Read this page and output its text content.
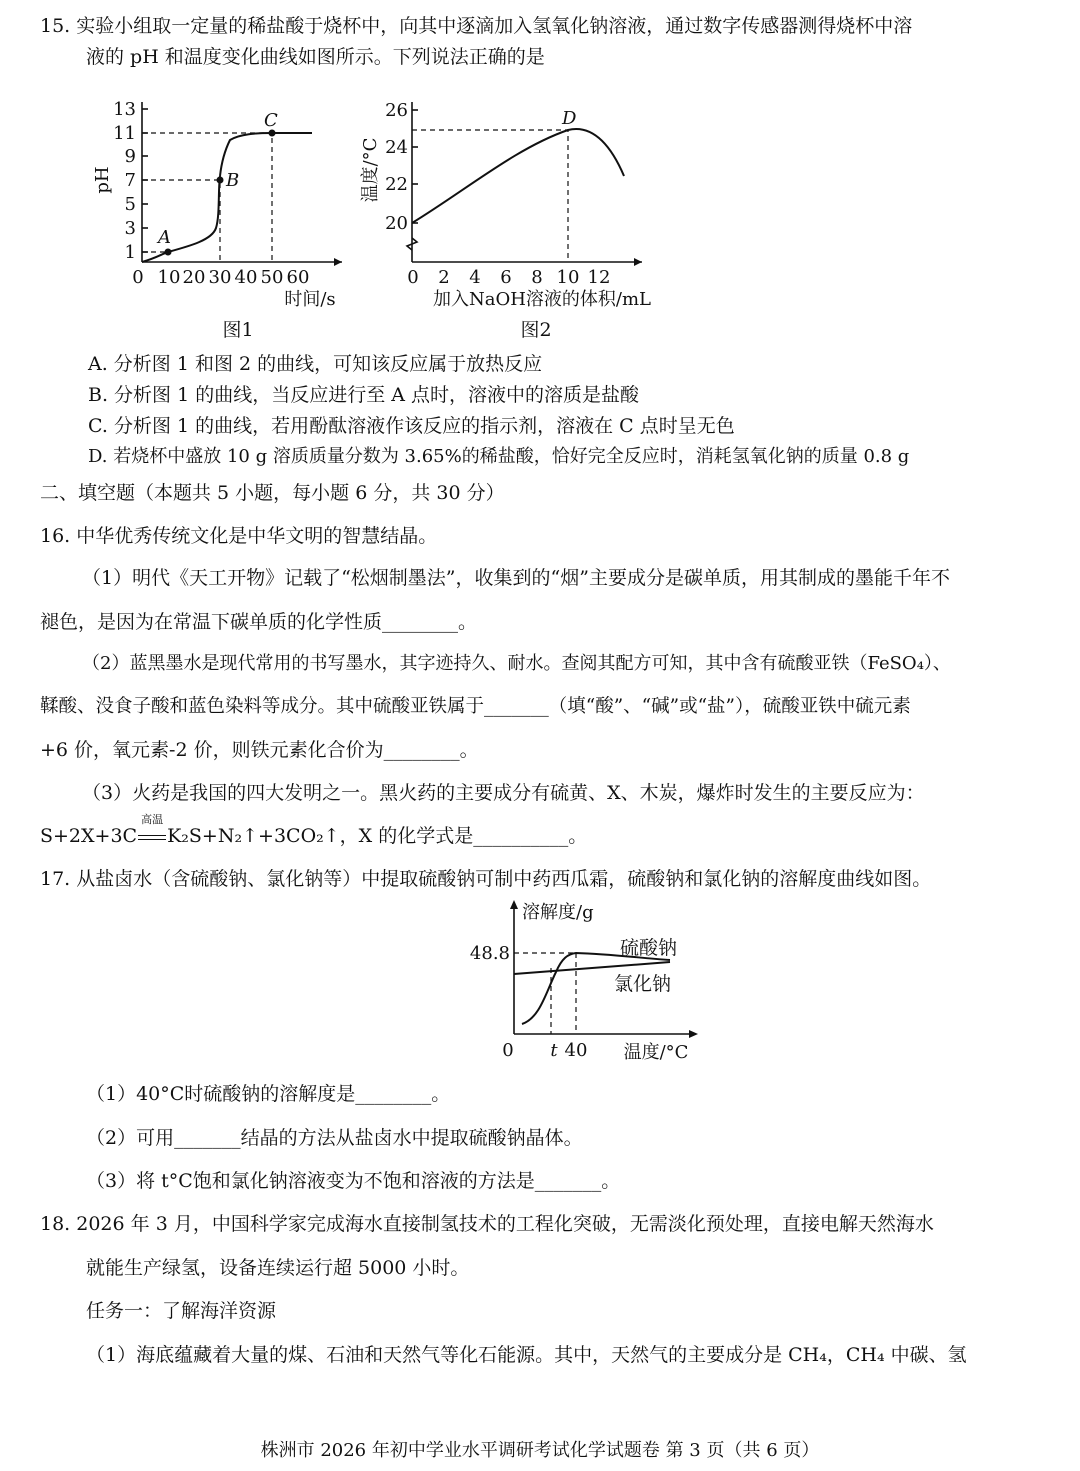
15. 实验小组取一定量的稀盐酸于烧杯中，向其中逐滴加入氢氧化钠溶液，通过数字传感器测得烧杯中溶
液的 pH 和温度变化曲线如图所示。下列说法正确的是
13
11
9
7
5
3
1
pH
0 10 20 30 40 50 60
时间/s
A
B
C
图1
26
24
22
20
温度/°C
0 2 4 6 8 10 12
加入NaOH溶液的体积/mL
D
图2
A. 分析图 1 和图 2 的曲线，可知该反应属于放热反应
B. 分析图 1 的曲线，当反应进行至 A 点时，溶液中的溶质是盐酸
C. 分析图 1 的曲线，若用酚酞溶液作该反应的指示剂，溶液在 C 点时呈无色
D. 若烧杯中盛放 10 g 溶质质量分数为 3.65%的稀盐酸，恰好完全反应时，消耗氢氧化钠的质量 0.8 g
二、填空题（本题共 5 小题，每小题 6 分，共 30 分）
16. 中华优秀传统文化是中华文明的智慧结晶。
（1）明代《天工开物》记载了“松烟制墨法”，收集到的“烟”主要成分是碳单质，用其制成的墨能千年不
褪色，是因为在常温下碳单质的化学性质________。
（2）蓝黑墨水是现代常用的书写墨水，其字迹持久、耐水。查阅其配方可知，其中含有硫酸亚铁（FeSO₄）、
鞣酸、没食子酸和蓝色染料等成分。其中硫酸亚铁属于_______（填“酸”、“碱”或“盐”），硫酸亚铁中硫元素
+6 价，氧元素-2 价，则铁元素化合价为________。
（3）火药是我国的四大发明之一。黑火药的主要成分有硫黄、X、木炭，爆炸时发生的主要反应为：
S+2X+3C
高温
K₂S+N₂↑+3CO₂↑，X 的化学式是__________。
17. 从盐卤水（含硫酸钠、氯化钠等）中提取硫酸钠可制中药西瓜霜，硫酸钠和氯化钠的溶解度曲线如图。
溶解度/g
48.8
0 t 40 温度/°C
硫酸钠
氯化钠
（1）40°C时硫酸钠的溶解度是________。
（2）可用_______结晶的方法从盐卤水中提取硫酸钠晶体。
（3）将 t°C饱和氯化钠溶液变为不饱和溶液的方法是_______。
18. 2026 年 3 月，中国科学家完成海水直接制氢技术的工程化突破，无需淡化预处理，直接电解天然海水
就能生产绿氢，设备连续运行超 5000 小时。
任务一：了解海洋资源
（1）海底蕴藏着大量的煤、石油和天然气等化石能源。其中，天然气的主要成分是 CH₄，CH₄ 中碳、氢
株洲市 2026 年初中学业水平调研考试化学试题卷 第 3 页（共 6 页）
